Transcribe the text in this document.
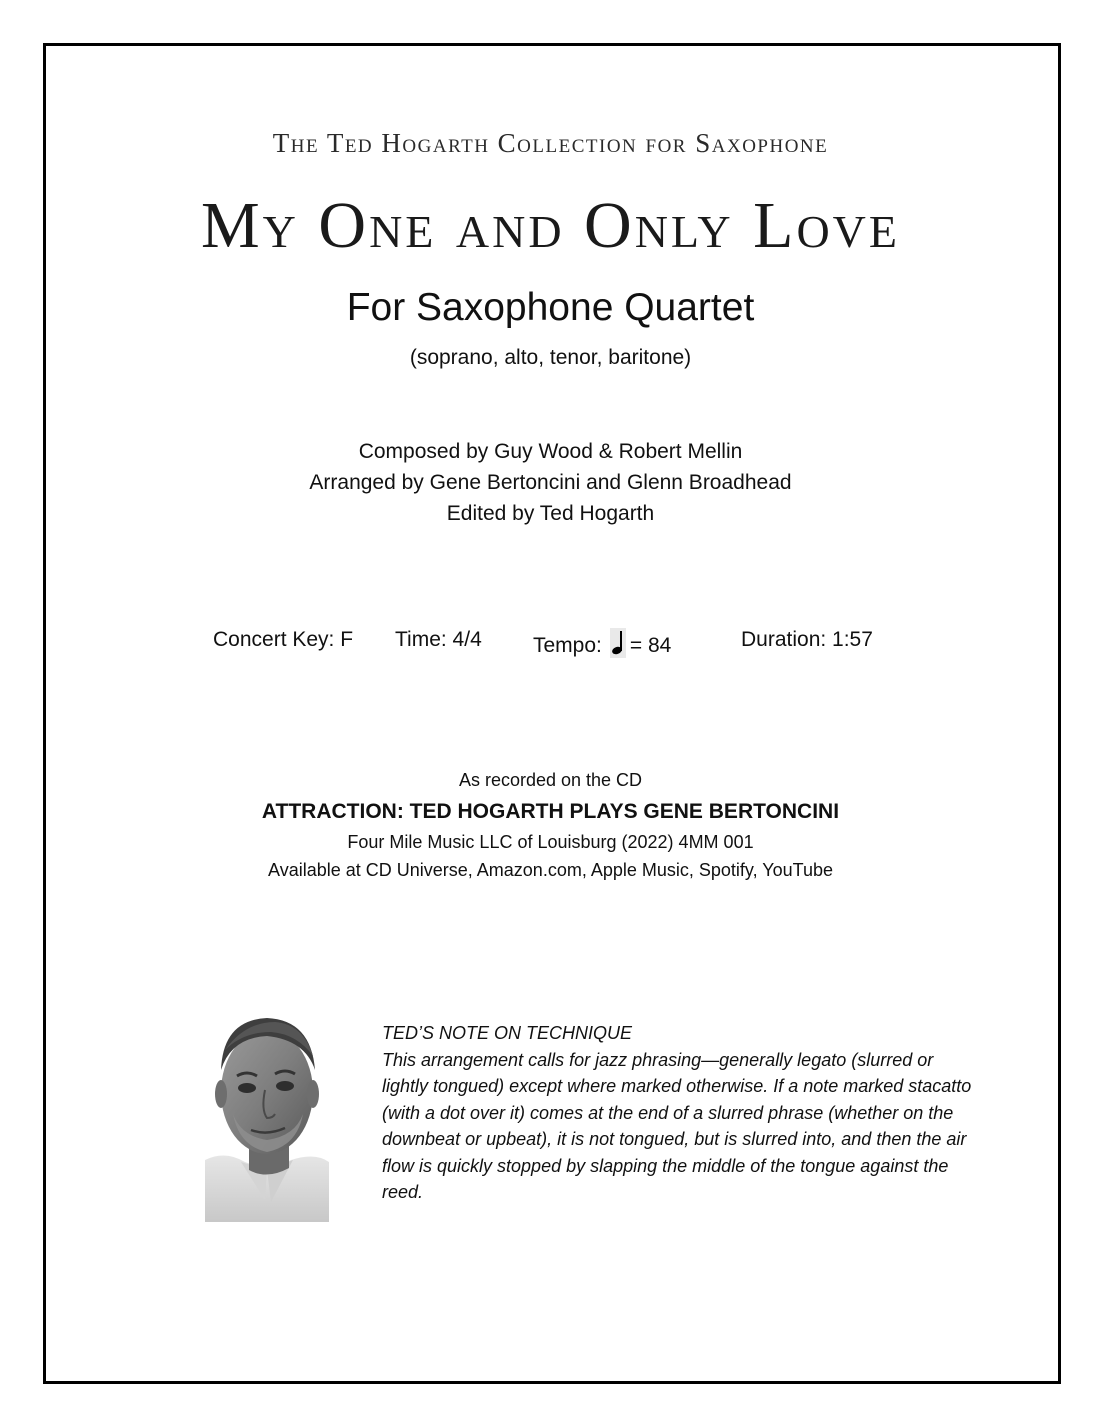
The Ted Hogarth Collection for Saxophone
My One and Only Love
For Saxophone Quartet
(soprano, alto, tenor, baritone)
Composed by Guy Wood & Robert Mellin
Arranged by Gene Bertoncini and Glenn Broadhead
Edited by Ted Hogarth
Concert Key: F Time: 4/4 Tempo: = 84	Duration: 1:57
As recorded on the CD
ATTRACTION: TED HOGARTH PLAYS GENE BERTONCINI
Four Mile Music LLC of Louisburg (2022) 4MM 001
Available at CD Universe, Amazon.com, Apple Music, Spotify, YouTube
TED’S NOTE ON TECHNIQUE
This arrangement calls for jazz phrasing—generally legato (slurred or lightly tongued) except where marked otherwise. If a note marked stacatto (with a dot over it) comes at the end of a slurred phrase (whether on the downbeat or upbeat), it is not tongued, but is slurred into, and then the air flow is quickly stopped by slapping the middle of the tongue against the reed.
